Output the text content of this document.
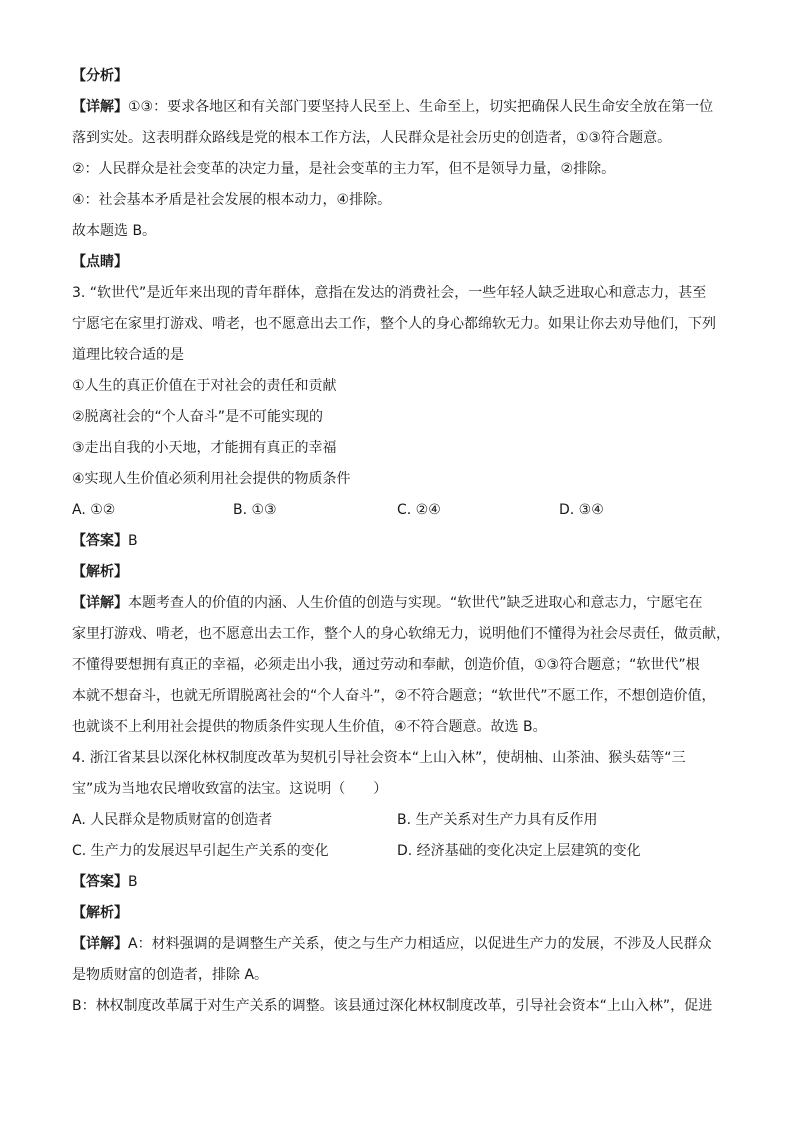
【分析】
【详解】①③：要求各地区和有关部门要坚持人民至上、生命至上，切实把确保人民生命安全放在第一位
落到实处。这表明群众路线是党的根本工作方法，人民群众是社会历史的创造者，①③符合题意。
②：人民群众是社会变革的决定力量，是社会变革的主力军，但不是领导力量，②排除。
④：社会基本矛盾是社会发展的根本动力，④排除。
故本题选 B。
【点睛】
3. “软世代”是近年来出现的青年群体，意指在发达的消费社会，一些年轻人缺乏进取心和意志力，甚至
宁愿宅在家里打游戏、啃老，也不愿意出去工作，整个人的身心都绵软无力。如果让你去劝导他们，下列
道理比较合适的是
①人生的真正价值在于对社会的责任和贡献
②脱离社会的“个人奋斗”是不可能实现的
③走出自我的小天地，才能拥有真正的幸福
④实现人生价值必须利用社会提供的物质条件
A. ①②	B. ①③	C. ②④	D. ③④
【答案】B
【解析】
【详解】本题考查人的价值的内涵、人生价值的创造与实现。“软世代”缺乏进取心和意志力，宁愿宅在
家里打游戏、啃老，也不愿意出去工作，整个人的身心软绵无力，说明他们不懂得为社会尽责任，做贡献，
不懂得要想拥有真正的幸福，必须走出小我，通过劳动和奉献，创造价值，①③符合题意；“软世代”根
本就不想奋斗，也就无所谓脱离社会的“个人奋斗”，②不符合题意；“软世代”不愿工作，不想创造价值，
也就谈不上利用社会提供的物质条件实现人生价值，④不符合题意。故选 B。
4. 浙江省某县以深化林权制度改革为契机引导社会资本“上山入林”，使胡柚、山茶油、猴头菇等“三
宝”成为当地农民增收致富的法宝。这说明（　　）
A. 人民群众是物质财富的创造者	B. 生产关系对生产力具有反作用
C. 生产力的发展迟早引起生产关系的变化	D. 经济基础的变化决定上层建筑的变化
【答案】B
【解析】
【详解】A：材料强调的是调整生产关系，使之与生产力相适应，以促进生产力的发展，不涉及人民群众
是物质财富的创造者，排除 A。
B：林权制度改革属于对生产关系的调整。该县通过深化林权制度改革，引导社会资本“上山入林”，促进
